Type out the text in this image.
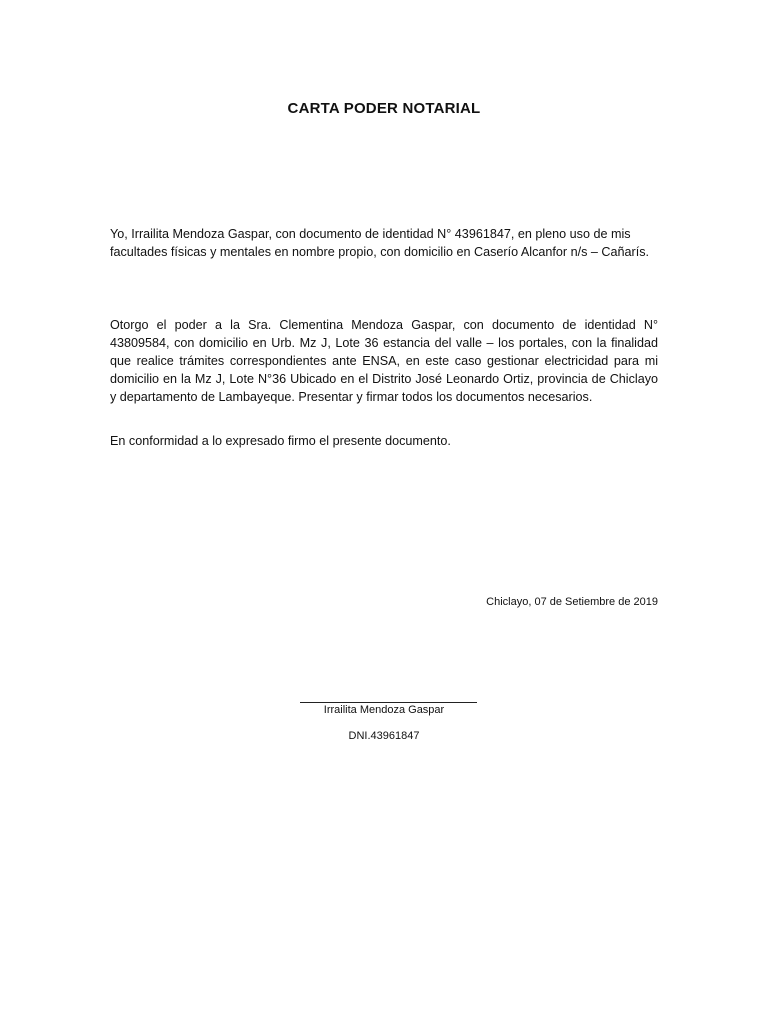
CARTA PODER NOTARIAL

Yo, Irrailita Mendoza Gaspar, con documento de identidad N° 43961847, en pleno uso de mis facultades físicas y mentales en nombre propio, con domicilio en Caserío Alcanfor n/s – Cañarís.

Otorgo el poder a la Sra. Clementina Mendoza Gaspar, con documento de identidad N° 43809584, con domicilio en Urb. Mz J, Lote 36 estancia del valle – los portales, con la finalidad que realice trámites correspondientes ante ENSA, en este caso gestionar electricidad para mi domicilio en la Mz J, Lote N°36 Ubicado en el Distrito José Leonardo Ortiz, provincia de Chiclayo y departamento de Lambayeque. Presentar y firmar todos los documentos necesarios.

En conformidad a lo expresado firmo el presente documento.

Chiclayo, 07 de Setiembre de 2019
Irrailita Mendoza Gaspar
DNI.43961847
